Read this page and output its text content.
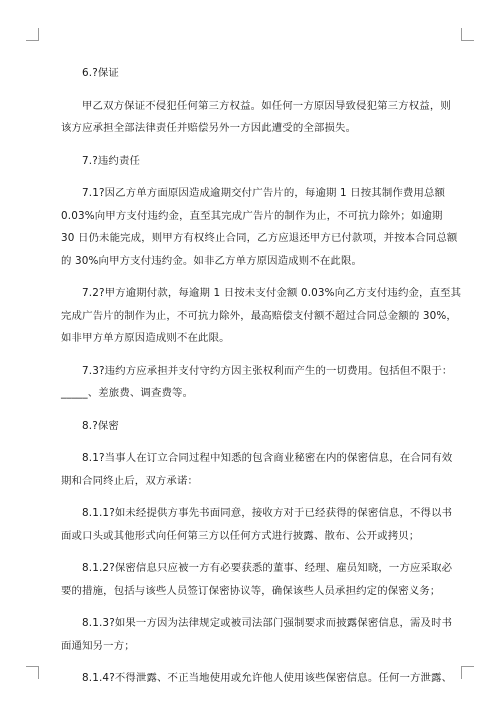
6.?保证

甲乙双方保证不侵犯任何第三方权益。如任何一方原因导致侵犯第三方权益，则

该方应承担全部法律责任并赔偿另外一方因此遭受的全部损失。

7.?违约责任

7.1?因乙方单方面原因造成逾期交付广告片的，每逾期 1 日按其制作费用总额

0.03%向甲方支付违约金，直至其完成广告片的制作为止，不可抗力除外；如逾期

30 日仍未能完成，则甲方有权终止合同，乙方应退还甲方已付款项，并按本合同总额

的 30%向甲方支付违约金。如非乙方单方原因造成则不在此限。

7.2?甲方逾期付款，每逾期 1 日按未支付金额 0.03%向乙方支付违约金，直至其

完成广告片的制作为止，不可抗力除外，最高赔偿支付额不超过合同总金额的 30%，

如非甲方单方原因造成则不在此限。

7.3?违约方应承担并支付守约方因主张权利而产生的一切费用。包括但不限于：

_____、差旅费、调查费等。

8.?保密

8.1?当事人在订立合同过程中知悉的包含商业秘密在内的保密信息，在合同有效

期和合同终止后，双方承诺：

8.1.1?如未经提供方事先书面同意，接收方对于已经获得的保密信息，不得以书

面或口头或其他形式向任何第三方以任何方式进行披露、散布、公开或拷贝；

8.1.2?保密信息只应被一方有必要获悉的董事、经理、雇员知晓，一方应采取必

要的措施，包括与该些人员签订保密协议等，确保该些人员承担约定的保密义务；

8.1.3?如果一方因为法律规定或被司法部门强制要求而披露保密信息，需及时书

面通知另一方；

8.1.4?不得泄露、不正当地使用或允许他人使用该些保密信息。任何一方泄露、
